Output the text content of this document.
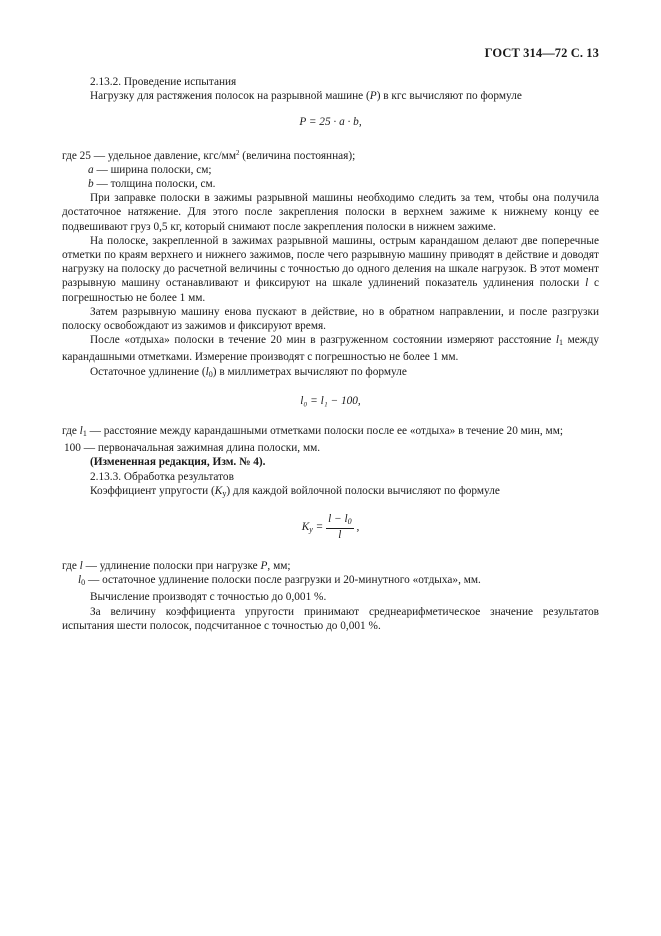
ГОСТ 314—72 С. 13

2.13.2. Проведение испытания

Нагрузку для растяжения полосок на разрывной машине (P) в кгс вычисляют по формуле

P = 25 · a · b,

где 25 — удельное давление, кгс/$мм^2$ (величина постоянная);

a — ширина полоски, см;

b — толщина полоски, см.

При заправке полоски в зажимы разрывной машины необходимо следить за тем, чтобы она получила достаточное натяжение. Для этого после закрепления полоски в верхнем зажиме к нижнему концу ее подвешивают груз 0,5 кг, который снимают после закрепления полоски в нижнем зажиме.

На полоске, закрепленной в зажимах разрывной машины, острым карандашом делают две поперечные отметки по краям верхнего и нижнего зажимов, после чего разрывную машину приводят в действие и доводят нагрузку на полоску до расчетной величины с точностью до одного деления на шкале нагрузок. В этот момент разрывную машину останавливают и фиксируют на шкале удлинений показатель удлинения полоски l с погрешностью не более 1 мм.

Затем разрывную машину енова пускают в действие, но в обратном направлении, и после разгрузки полоску освобождают из зажимов и фиксируют время.

После «отдыха» полоски в течение 20 мин в разгруженном состоянии измеряют расстояние $l_1$ между карандашными отметками. Измерение производят с погрешностью не более 1 мм.

Остаточное удлинение $(l_0)$ в миллиметрах вычисляют по формуле

l₀ = l₁ − 100,

где $l_1$ — расстояние между карандашными отметками полоски после ее «отдыха» в течение 20 мин, мм;

100 — первоначальная зажимная длина полоски, мм.

(Измененная редакция, Изм. № 4).

2.13.3. Обработка результатов

Коэффициент упругости $(K_y)$ для каждой войлочной полоски вычисляют по формуле

$K_y = \frac{l - l_0}{l}$ ,

где l — удлинение полоски при нагрузке P, мм;

$l_0$ — остаточное удлинение полоски после разгрузки и 20-минутного «отдыха», мм.

Вычисление производят с точностью до 0,001 %.

За величину коэффициента упругости принимают среднеарифметическое значение результатов испытания шести полосок, подсчитанное с точностью до 0,001 %.
